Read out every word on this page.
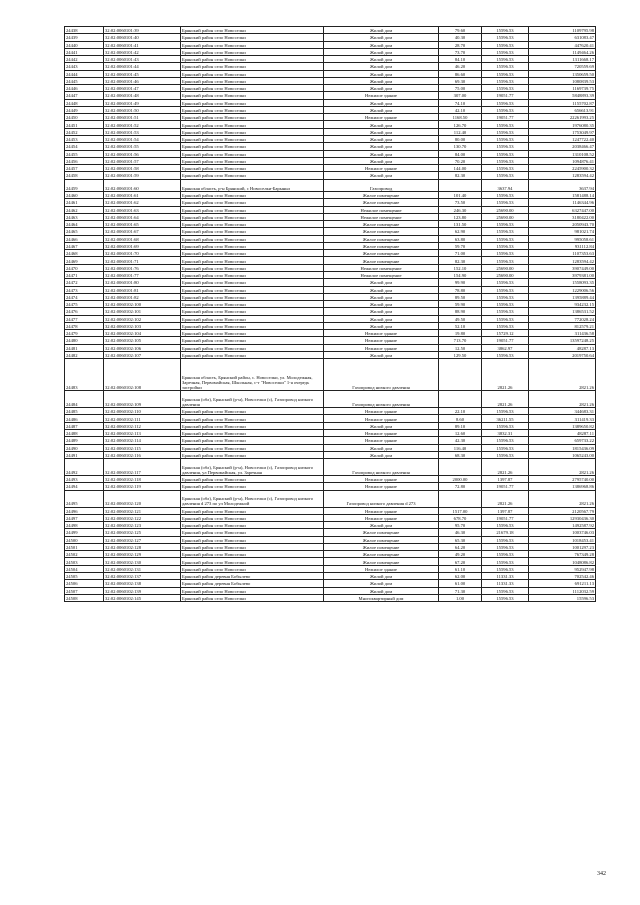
24438	32:02:0060101:39	Брянский район село Новоселки	Жилой дом	79.60	15596.53	1109795.98
24439	32:02:0060101:40	Брянский район село Новоселки	Жилой дом	40.30	15596.53	631083.47
24440	32:02:0060101:41	Брянский район село Новоселки	Жилой дом	28.70	15596.53	447620.41
24441	32:02:0060101:42	Брянский район село Новоселки	Жилой дом	73.70	15596.53	1149464.26
24442	32:02:0060101:43	Брянский район село Новоселки	Жилой дом	84.10	15596.53	1311668.17
24443	32:02:0060101:44	Брянский район село Новоселки	Жилой дом	46.20	15596.53	720559.69
24444	32:02:0060101:45	Брянский район село Новоселки	Жилой дом	86.60	15596.53	1350659.50
24445	32:02:0060101:46	Брянский район село Новоселки	Жилой дом	69.30	15596.53	1080839.53
24446	32:02:0060101:47	Брянский район село Новоселки	Жилой дом	75.00	15596.53	1169739.75
24447	32:02:0060101:48	Брянский район село Новоселки	Нежилое здание	307.00	19051.77	5848893.39
24448	32:02:0060101:49	Брянский район село Новоселки	Жилой дом	74.10	15596.53	1155702.87
24449	32:02:0060101:50	Брянский район село Новоселки	Жилой дом	42.10	15596.53	656613.91
24450	32:02:0060101:51	Брянский район село Новоселки	Нежилое здание	1168.50	19051.77	22261993.25
24451	32:02:0060101:52	Брянский район село Новоселки	Жилой дом	126.70	15596.53	1976080.35
24452	32:02:0060101:53	Брянский район село Новоселки	Жилой дом	112.40	15596.53	1753049.97
24453	32:02:0060101:54	Брянский район село Новоселки	Жилой дом	80.00	15596.53	1247722.40
24454	32:02:0060101:55	Брянский район село Новоселки	Жилой дом	130.70	15596.53	2038466.47
24455	32:02:0060101:56	Брянский район село Новоселки	Жилой дом	84.00	15596.53	1310108.52
24456	32:02:0060101:57	Брянский район село Новоселки	Жилой дом	70.20	15596.53	1094876.41
24457	32:02:0060101:58	Брянский район село Новоселки	Нежилое здание	144.00	15596.53	2245900.32
24458	32:02:0060101:59	Брянский район село Новоселки	Жилой дом	82.30	15596.53	1283594.42
24459	32:02:0060101:60	Брянская область, р-н Брянский, с Новоселки-Барыньи	Газопровод		3637.94	3637.94
24460	32:02:0060101:61	Брянский район село Новоселки	Жилое помещение	101.40	15596.53	1581488.14
24461	32:02:0060101:62	Брянский район село Новоселки	Жилое помещение	73.50	15596.53	1146344.96
24462	32:02:0060101:63	Брянский район село Новоселки	Нежилое помещение	246.30	25690.00	6327447.00
24463	32:02:0060101:64	Брянский район село Новоселки	Нежилое помещение	123.80	25690.00	3180422.00
24464	32:02:0060101:65	Брянский район село Новоселки	Жилое помещение	131.50	15596.53	2050943.70
24465	32:02:0060101:67	Брянский район село Новоселки	Жилое помещение	62.90	15596.53	981021.74
24466	32:02:0060101:68	Брянский район село Новоселки	Жилое помещение	63.80	15596.53	995058.61
24467	32:02:0060101:69	Брянский район село Новоселки	Жилое помещение	59.70	15596.53	931112.84
24468	32:02:0060101:70	Брянский район село Новоселки	Жилое помещение	71.00	15596.53	1107353.63
24469	32:02:0060101:71	Брянский район село Новоселки	Жилое помещение	82.30	15596.53	1283594.42
24470	32:02:0060101:76	Брянский район село Новоселки	Нежилое помещение	152.10	25690.00	3907449.00
24471	32:02:0060101:77	Брянский район село Новоселки	Нежилое помещение	154.90	25690.00	3979381.00
24472	32:02:0060101:80	Брянский район село Новоселки	Жилой дом	99.90	15596.53	1558093.35
24473	32:02:0060101:81	Брянский район село Новоселки	Жилой дом	78.80	15596.53	1229006.56
24474	32:02:0060101:82	Брянский район село Новоселки	Жилой дом	89.50	15596.53	1395889.44
24475	32:02:0060102:100	Брянский район село Новоселки	Жилой дом	59.90	15596.53	934232.15
24476	32:02:0060102:101	Брянский район село Новоселки	Жилой дом	88.90	15596.53	1386531.52
24477	32:02:0060102:102	Брянский район село Новоселки	Жилой дом	49.50	15596.53	772028.24
24478	32:02:0060102:103	Брянский район село Новоселки	Жилой дом	52.10	15596.53	812579.21
24479	32:02:0060102:104	Брянский район село Новоселки	Нежилое здание	19.80	15729.12	311436.58
24480	32:02:0060102:105	Брянский район село Новоселки	Нежилое здание	713.70	19051.77	13597248.25
24481	32:02:0060102:106	Брянский район село Новоселки	Нежилое здание	12.50	3862.97	48287.13
24482	32:02:0060102:107	Брянский район село Новоселки	Жилой дом	129.50	15596.53	2019750.64
24483	32:02:0060102:108	Брянская область, Брянский район, с. Новоселки, ул. Молодежная, Заречная, Первомайская, Школьная, с-т "Новоселки" 1-я очередь застройки	Газопровод низкого давления		2821.26	2821.26
24484	32:02:0060102:109	Брянская (обл), Брянский (р-н), Новоселки (с), Газопровод низкого давления	Газопровод низкого давления		2821.26	2821.26
24485	32:02:0060102:110	Брянский район село Новоселки	Нежилое здание	22.10	15596.53	344683.31
24486	32:02:0060102:111	Брянский район село Новоселки	Нежилое здание	8.60	36211.55	311419.33
24487	32:02:0060102:112	Брянский район село Новоселки	Жилой дом	89.10	15596.53	1389650.82
24488	32:02:0060102:113	Брянский район село Новоселки	Нежилое здание	12.60	3832.31	48287.11
24489	32:02:0060102:114	Брянский район село Новоселки	Нежилое здание	42.30	15596.53	659733.22
24490	32:02:0060102:115	Брянский район село Новоселки	Жилой дом	116.40	15596.53	1815436.09
24491	32:02:0060102:116	Брянский район село Новоселки	Жилой дом	68.30	15596.53	1065243.00
24492	32:02:0060102:117	Брянская (обл), Брянский (р-н), Новоселки (с), Газопровод низкого давления, ул Первомайская, ул. Заречная	Газопровод низкого давления		2821.26	2821.26
24493	32:02:0060102:118	Брянский район село Новоселки	Нежилое здание	2000.00	1397.87	2795740.00
24494	32:02:0060102:119	Брянский район село Новоселки	Нежилое здание	72.80	19051.77	1386968.86
24495	32:02:0060102:120	Брянская (обл), Брянский (р-н), Новоселки (с), Газопровод низкого давления d 273 по ул Молодежной	Газопровод низкого давления d 273		2821.26	2821.26
24496	32:02:0060102:121	Брянский район село Новоселки	Нежилое здание	1517.00	1397.87	2120567.79
24497	32:02:0060102:122	Брянский район село Новоселки	Нежилое здание	678.70	19051.77	12930436.30
24498	32:02:0060102:123	Брянский район село Новоселки	Жилой дом	95.70	15596.53	1492587.92
24499	32:02:0060102:125	Брянский район село Новоселки	Жилое помещение	46.30	21679.18	1003746.03
24500	32:02:0060102:127	Брянский район село Новоселки	Жилое помещение	65.30	15596.53	1018453.41
24501	32:02:0060102:128	Брянский район село Новоселки	Жилое помещение	64.20	15596.53	1001297.23
24502	32:02:0060102:129	Брянский район село Новоселки	Жилое помещение	49.20	15596.53	767349.28
24503	32:02:0060102:130	Брянский район село Новоселки	Жилое помещение	67.20	15596.53	1048086.82
24504	32:02:0060102:131	Брянский район село Новоселки	Нежилое здание	61.10	15596.53	952947.98
24505	32:02:0060102:137	Брянский район деревня Бобылево	Жилой дом	62.00	11331.33	702542.46
24506	32:02:0060102:138	Брянский район деревня Бобылево	Жилой дом	61.00	11331.33	691211.13
24507	32:02:0060102:139	Брянский район село Новоселки	Жилой дом	71.30	15596.53	1112032.59
24508	32:02:0060102:145	Брянский район село Новоселки	Многоквартирный дом	1.00	15596.53	15596.53
342
